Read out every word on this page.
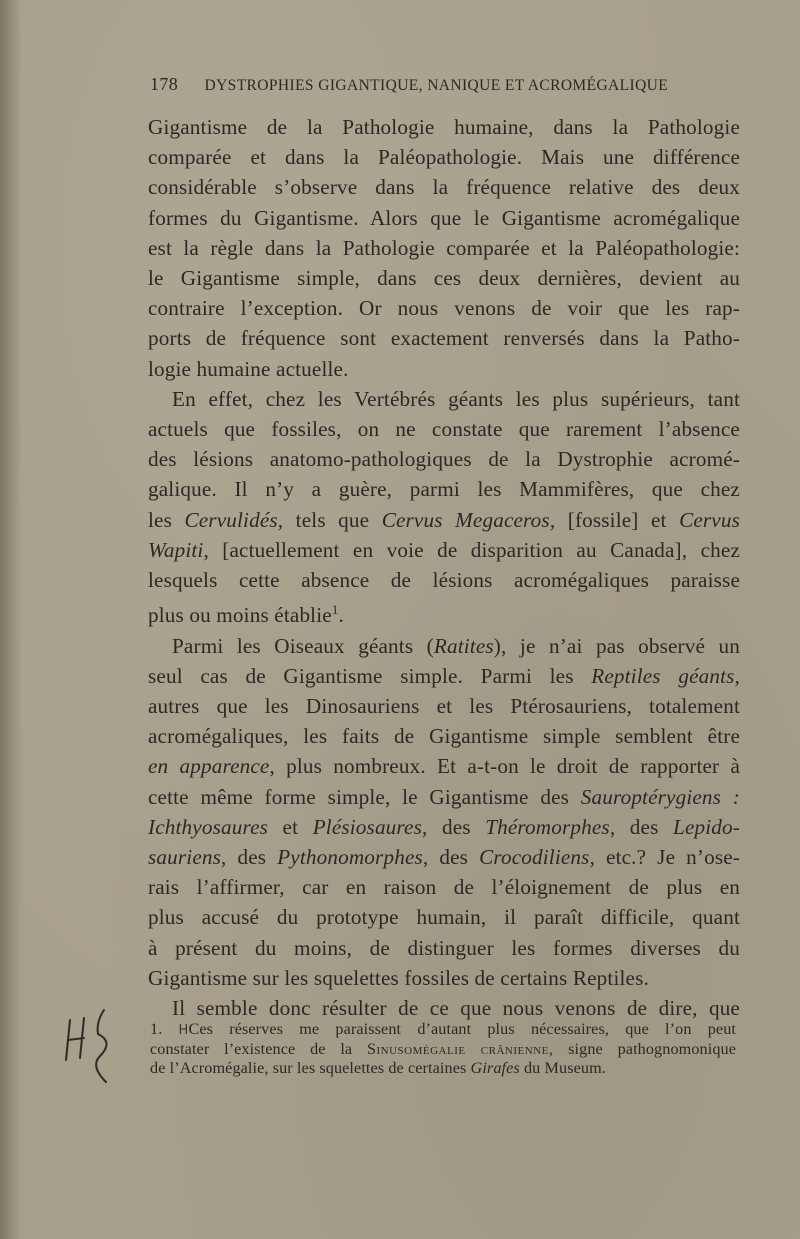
178 DYSTROPHIES GIGANTIQUE, NANIQUE ET ACROMÉGALIQUE
Gigantisme de la Pathologie humaine, dans la Pathologie
comparée et dans la Paléopathologie. Mais une différence
considérable s’observe dans la fréquence relative des deux
formes du Gigantisme. Alors que le Gigantisme acromégalique
est la règle dans la Pathologie comparée et la Paléopathologie:
le Gigantisme simple, dans ces deux dernières, devient au
contraire l’exception. Or nous venons de voir que les rap-
ports de fréquence sont exactement renversés dans la Patho-
logie humaine actuelle.
En effet, chez les Vertébrés géants les plus supérieurs, tant
actuels que fossiles, on ne constate que rarement l’absence
des lésions anatomo-pathologiques de la Dystrophie acromé-
galique. Il n’y a guère, parmi les Mammifères, que chez
les Cervulidés, tels que Cervus Megaceros, [fossile] et Cervus
Wapiti, [actuellement en voie de disparition au Canada], chez
lesquels cette absence de lésions acromégaliques paraisse
plus ou moins établie$^1$.
Parmi les Oiseaux géants (Ratites), je n’ai pas observé un
seul cas de Gigantisme simple. Parmi les Reptiles géants,
autres que les Dinosauriens et les Ptérosauriens, totalement
acromégaliques, les faits de Gigantisme simple semblent être
en apparence, plus nombreux. Et a-t-on le droit de rapporter à
cette même forme simple, le Gigantisme des Sauroptérygiens :
Ichthyosaures et Plésiosaures, des Théromorphes, des Lepido-
sauriens, des Pythonomorphes, des Crocodiliens, etc.? Je n’ose-
rais l’affirmer, car en raison de l’éloignement de plus en
plus accusé du prototype humain, il paraît difficile, quant
à présent du moins, de distinguer les formes diverses du
Gigantisme sur les squelettes fossiles de certains Reptiles.
Il semble donc résulter de ce que nous venons de dire, que
1. HCes réserves me paraissent d’autant plus nécessaires, que l’on peut
constater l’existence de la Sinusomégalie crânienne, signe pathognomonique
de l’Acromégalie, sur les squelettes de certaines Girafes du Museum.
